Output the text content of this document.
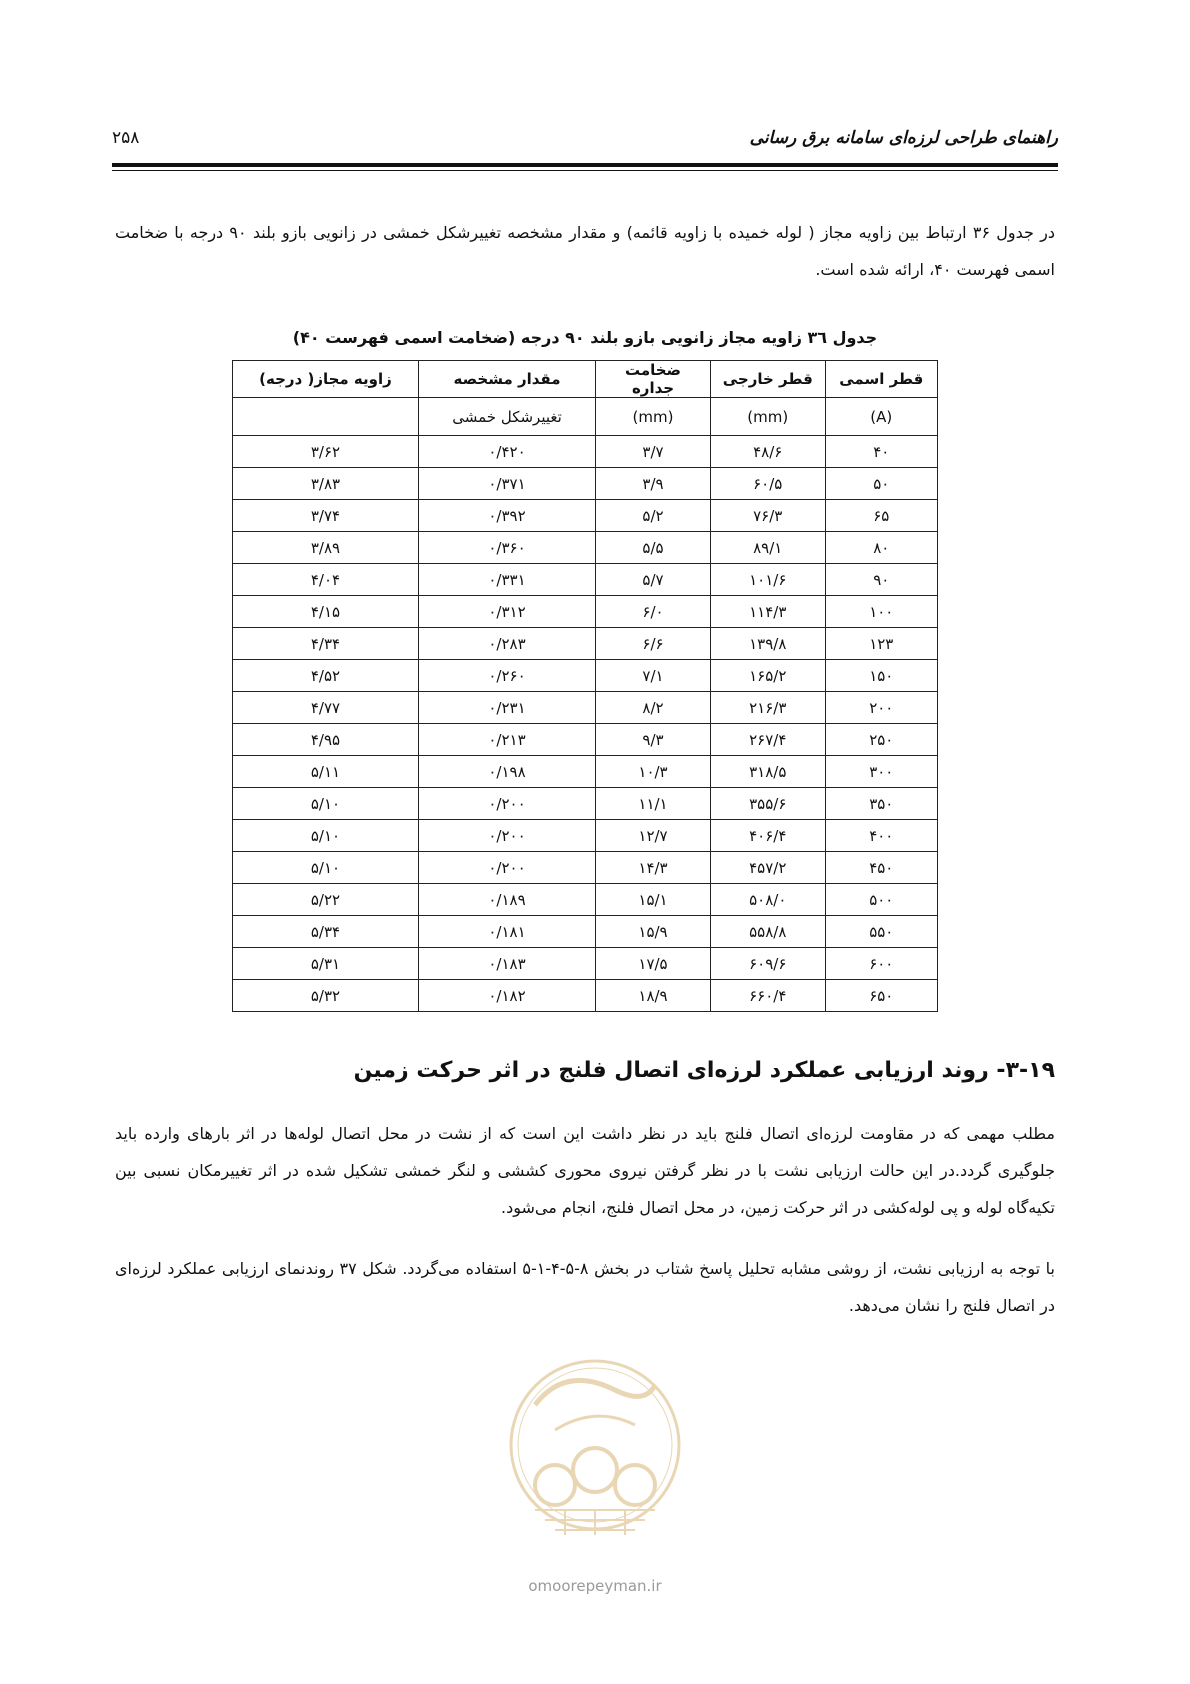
راهنمای طراحی لرزه‌ای سامانه برق رسانی
۲۵۸

در جدول ۳۶ ارتباط بین زاویه مجاز ( لوله خمیده با زاویه قائمه) و مقدار مشخصه تغییرشکل خمشی در زانویی بازو بلند ۹۰ درجه با ضخامت اسمی فهرست ۴۰، ارائه شده است.

جدول ٣٦ زاویه مجاز زانویی بازو بلند ۹۰ درجه (ضخامت اسمی فهرست ۴۰)
قطر اسمی	قطر خارجی	ضخامت جداره	مقدار مشخصه	زاویه مجاز( درجه)
(A)	(mm)	(mm)	تغییرشکل خمشی	
۴۰	۴۸/۶	۳/۷	۰/۴۲۰	۳/۶۲
۵۰	۶۰/۵	۳/۹	۰/۳۷۱	۳/۸۳
۶۵	۷۶/۳	۵/۲	۰/۳۹۲	۳/۷۴
۸۰	۸۹/۱	۵/۵	۰/۳۶۰	۳/۸۹
۹۰	۱۰۱/۶	۵/۷	۰/۳۳۱	۴/۰۴
۱۰۰	۱۱۴/۳	۶/۰	۰/۳۱۲	۴/۱۵
۱۲۳	۱۳۹/۸	۶/۶	۰/۲۸۳	۴/۳۴
۱۵۰	۱۶۵/۲	۷/۱	۰/۲۶۰	۴/۵۲
۲۰۰	۲۱۶/۳	۸/۲	۰/۲۳۱	۴/۷۷
۲۵۰	۲۶۷/۴	۹/۳	۰/۲۱۳	۴/۹۵
۳۰۰	۳۱۸/۵	۱۰/۳	۰/۱۹۸	۵/۱۱
۳۵۰	۳۵۵/۶	۱۱/۱	۰/۲۰۰	۵/۱۰
۴۰۰	۴۰۶/۴	۱۲/۷	۰/۲۰۰	۵/۱۰
۴۵۰	۴۵۷/۲	۱۴/۳	۰/۲۰۰	۵/۱۰
۵۰۰	۵۰۸/۰	۱۵/۱	۰/۱۸۹	۵/۲۲
۵۵۰	۵۵۸/۸	۱۵/۹	۰/۱۸۱	۵/۳۴
۶۰۰	۶۰۹/۶	۱۷/۵	۰/۱۸۳	۵/۳۱
۶۵۰	۶۶۰/۴	۱۸/۹	۰/۱۸۲	۵/۳۲
۳-۱۹- روند ارزیابی عملکرد لرزه‌ای اتصال فلنج در اثر حرکت زمین

مطلب مهمی که در مقاومت لرزه‌ای اتصال فلنج باید در نظر داشت این است که از نشت در محل اتصال لوله‌ها در اثر بارهای وارده باید جلوگیری گردد.در این حالت ارزیابی نشت با در نظر گرفتن نیروی محوری کششی و لنگر خمشی تشکیل شده در اثر تغییرمکان نسبی بین تکیه‌گاه لوله و پی لوله‌کشی در اثر حرکت زمین، در محل اتصال فلنج، انجام می‌شود.

با توجه به ارزیابی نشت، از روشی مشابه تحلیل پاسخ شتاب در بخش ۸-۵-۴-۱-۵ استفاده می‌گردد. شکل ۳۷ روندنمای ارزیابی عملکرد لرزه‌ای در اتصال فلنج را نشان می‌دهد.

omoorepeyman.ir
